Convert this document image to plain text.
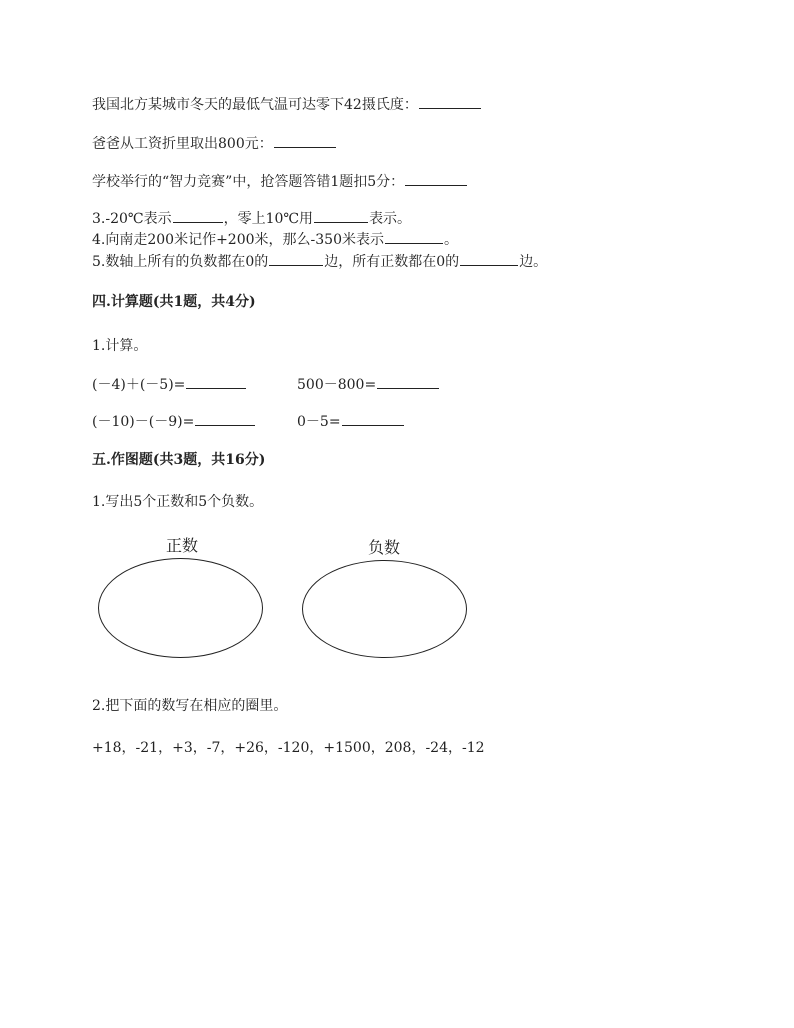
我国北方某城市冬天的最低气温可达零下42摄氏度：
爸爸从工资折里取出800元：
学校举行的“智力竞赛”中，抢答题答错1题扣5分：
3.-20℃表示	，零上10℃用	表示。
4.向南走200米记作+200米，那么-350米表示	。
5.数轴上所有的负数都在0的	边，所有正数都在0的	边。
四.计算题(共1题，共4分)
1.计算。
(－4)＋(－5)=	500－800=
(－10)－(－9)=	0－5=
五.作图题(共3题，共16分)
1.写出5个正数和5个负数。
正数	负数
2.把下面的数写在相应的圈里。
+18，-21，+3，-7，+26，-120，+1500，208，-24，-12
